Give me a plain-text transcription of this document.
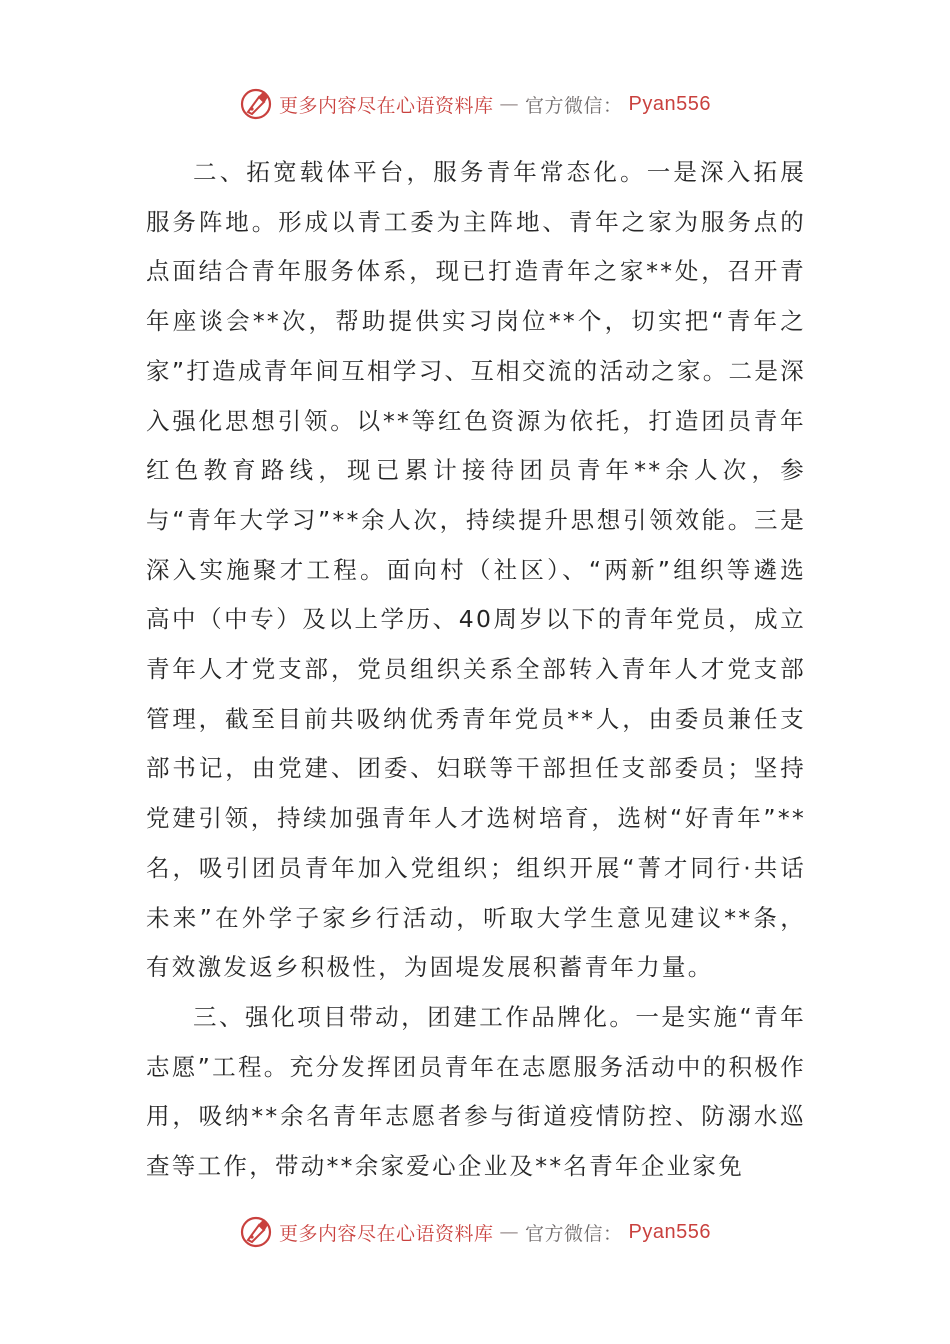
更多内容尽在心语资料库 — 官方微信： Pyan556

二、拓宽载体平台，服务青年常态化。一是深入拓展服务阵地。形成以青工委为主阵地、青年之家为服务点的点面结合青年服务体系，现已打造青年之家**处，召开青年座谈会**次，帮助提供实习岗位**个，切实把“青年之家”打造成青年间互相学习、互相交流的活动之家。二是深入强化思想引领。以**等红色资源为依托，打造团员青年红色教育路线，现已累计接待团员青年**余人次，参与“青年大学习”**余人次，持续提升思想引领效能。三是深入实施聚才工程。面向村（社区）、“两新”组织等遴选高中（中专）及以上学历、40周岁以下的青年党员，成立青年人才党支部，党员组织关系全部转入青年人才党支部管理，截至目前共吸纳优秀青年党员**人，由委员兼任支部书记，由党建、团委、妇联等干部担任支部委员；坚持党建引领，持续加强青年人才选树培育，选树“好青年”**名，吸引团员青年加入党组织；组织开展“菁才同行·共话未来”在外学子家乡行活动，听取大学生意见建议**条，有效激发返乡积极性，为固堤发展积蓄青年力量。

三、强化项目带动，团建工作品牌化。一是实施“青年志愿”工程。充分发挥团员青年在志愿服务活动中的积极作用，吸纳**余名青年志愿者参与街道疫情防控、防溺水巡查等工作，带动**余家爱心企业及**名青年企业家免

更多内容尽在心语资料库 — 官方微信： Pyan556
